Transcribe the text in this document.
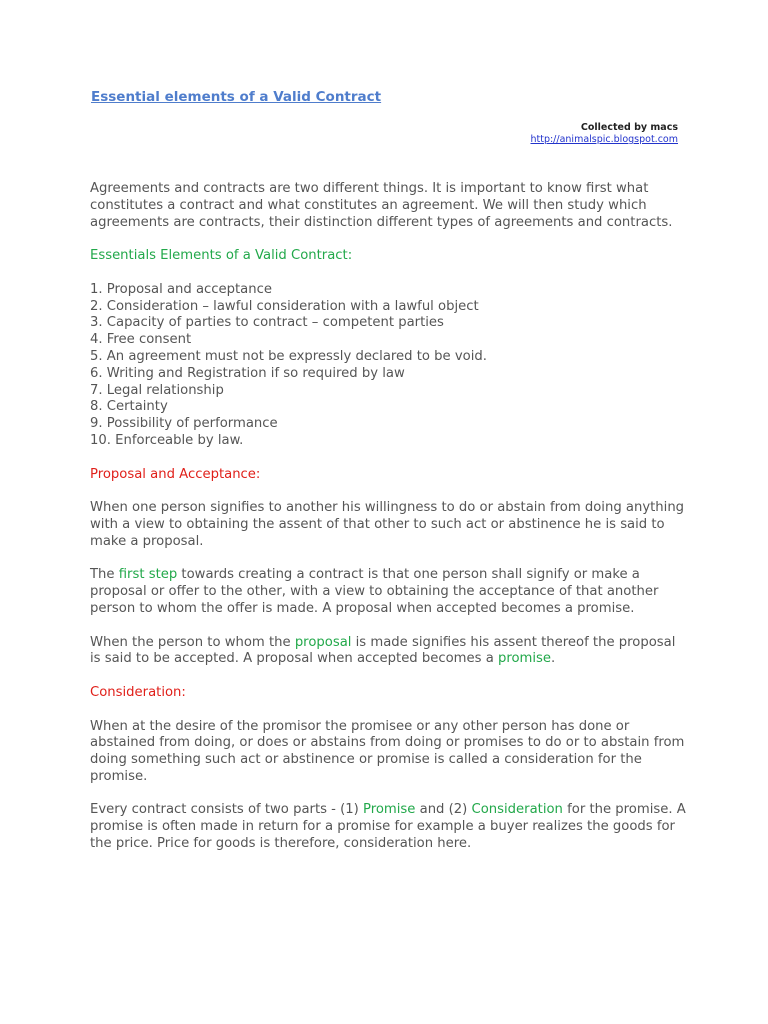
Essential elements of a Valid Contract
Collected by macs
http://animalspic.blogspot.com

Agreements and contracts are two different things. It is important to know first what constitutes a contract and what constitutes an agreement. We will then study which agreements are contracts, their distinction different types of agreements and contracts.

Essentials Elements of a Valid Contract:

1. Proposal and acceptance
2. Consideration – lawful consideration with a lawful object
3. Capacity of parties to contract – competent parties
4. Free consent
5. An agreement must not be expressly declared to be void.
6. Writing and Registration if so required by law
7. Legal relationship
8. Certainty
9. Possibility of performance
10. Enforceable by law.

Proposal and Acceptance:

When one person signifies to another his willingness to do or abstain from doing anything with a view to obtaining the assent of that other to such act or abstinence he is said to make a proposal.

The first step towards creating a contract is that one person shall signify or make a proposal or offer to the other, with a view to obtaining the acceptance of that another person to whom the offer is made. A proposal when accepted becomes a promise.

When the person to whom the proposal is made signifies his assent thereof the proposal is said to be accepted. A proposal when accepted becomes a promise.

Consideration:

When at the desire of the promisor the promisee or any other person has done or abstained from doing, or does or abstains from doing or promises to do or to abstain from doing something such act or abstinence or promise is called a consideration for the promise.

Every contract consists of two parts - (1) Promise and (2) Consideration for the promise. A promise is often made in return for a promise for example a buyer realizes the goods for the price. Price for goods is therefore, consideration here.
